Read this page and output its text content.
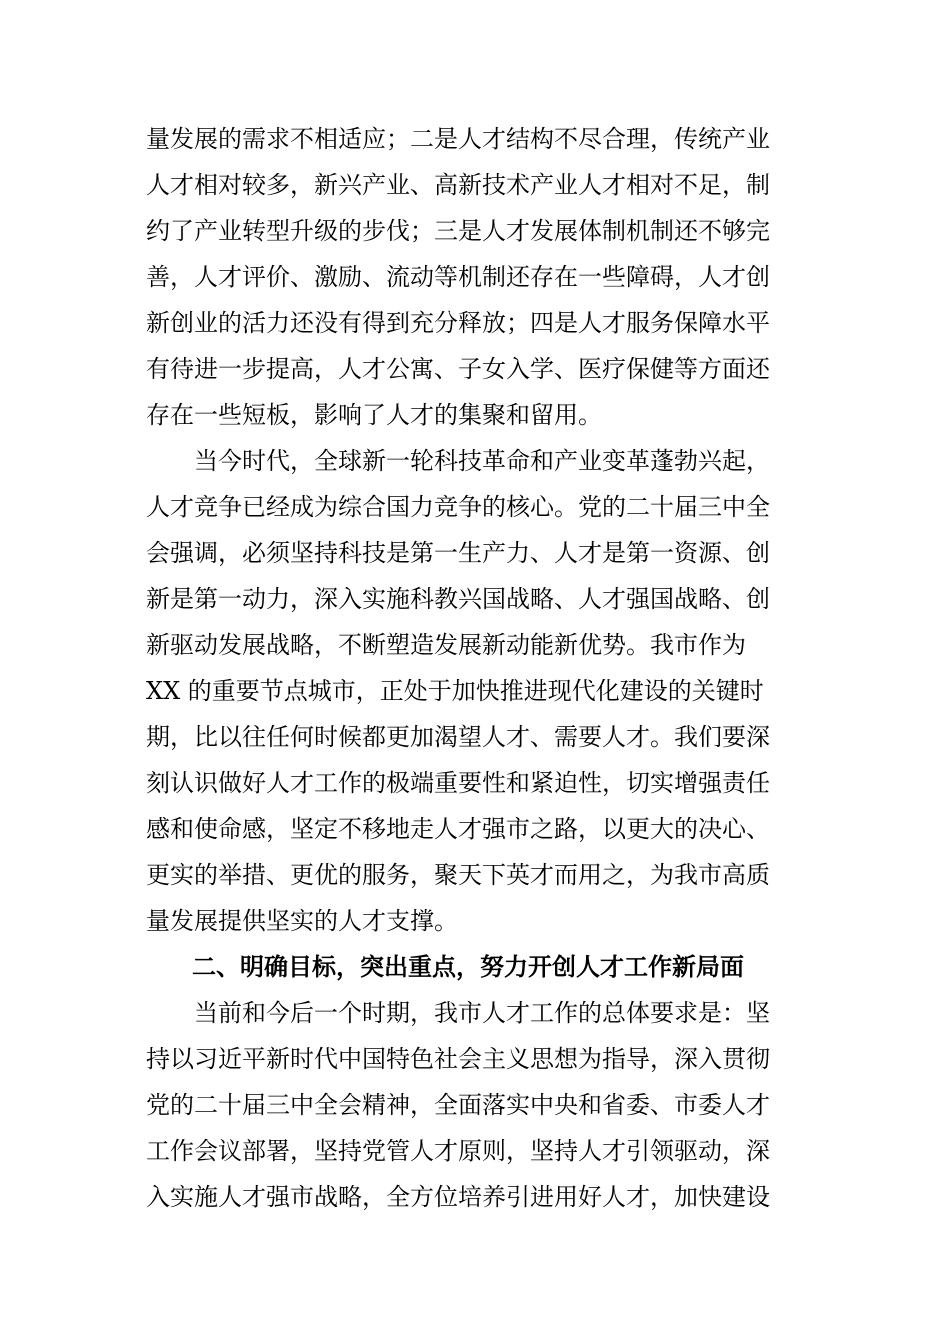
量发展的需求不相适应；二是人才结构不尽合理，传统产业
人才相对较多，新兴产业、高新技术产业人才相对不足，制
约了产业转型升级的步伐；三是人才发展体制机制还不够完
善，人才评价、激励、流动等机制还存在一些障碍，人才创
新创业的活力还没有得到充分释放；四是人才服务保障水平
有待进一步提高，人才公寓、子女入学、医疗保健等方面还
存在一些短板，影响了人才的集聚和留用。
当今时代，全球新一轮科技革命和产业变革蓬勃兴起，
人才竞争已经成为综合国力竞争的核心。党的二十届三中全
会强调，必须坚持科技是第一生产力、人才是第一资源、创
新是第一动力，深入实施科教兴国战略、人才强国战略、创
新驱动发展战略，不断塑造发展新动能新优势。我市作为
XX 的重要节点城市，正处于加快推进现代化建设的关键时
期，比以往任何时候都更加渴望人才、需要人才。我们要深
刻认识做好人才工作的极端重要性和紧迫性，切实增强责任
感和使命感，坚定不移地走人才强市之路，以更大的决心、
更实的举措、更优的服务，聚天下英才而用之，为我市高质
量发展提供坚实的人才支撑。
二、明确目标，突出重点，努力开创人才工作新局面
当前和今后一个时期，我市人才工作的总体要求是：坚
持以习近平新时代中国特色社会主义思想为指导，深入贯彻
党的二十届三中全会精神，全面落实中央和省委、市委人才
工作会议部署，坚持党管人才原则，坚持人才引领驱动，深
入实施人才强市战略，全方位培养引进用好人才，加快建设
